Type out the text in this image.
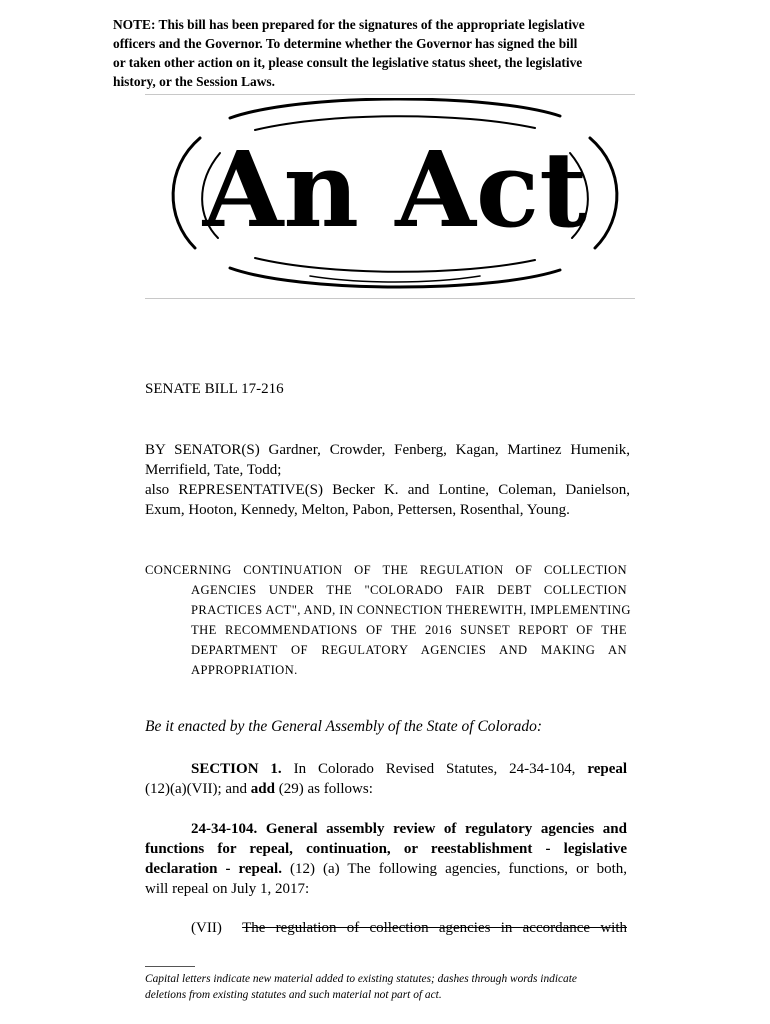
NOTE: This bill has been prepared for the signatures of the appropriate legislative
officers and the Governor. To determine whether the Governor has signed the bill
or taken other action on it, please consult the legislative status sheet, the legislative
history, or the Session Laws.
An Act
SENATE BILL 17-216
BY SENATOR(S) Gardner, Crowder, Fenberg, Kagan, Martinez Humenik,
Merrifield, Tate, Todd;
also REPRESENTATIVE(S) Becker K. and Lontine, Coleman, Danielson,
Exum, Hooton, Kennedy, Melton, Pabon, Pettersen, Rosenthal, Young.
CONCERNING CONTINUATION OF THE REGULATION OF COLLECTION
AGENCIES UNDER THE "COLORADO FAIR DEBT COLLECTION
PRACTICES ACT", AND, IN CONNECTION THEREWITH, IMPLEMENTING
THE RECOMMENDATIONS OF THE 2016 SUNSET REPORT OF THE
DEPARTMENT OF REGULATORY AGENCIES AND MAKING AN
APPROPRIATION.
Be it enacted by the General Assembly of the State of Colorado:
SECTION 1. In Colorado Revised Statutes, 24-34-104, repeal
(12)(a)(VII); and add (29) as follows:
24-34-104. General assembly review of regulatory agencies and
functions for repeal, continuation, or reestablishment - legislative
declaration - repeal. (12) (a) The following agencies, functions, or both,
will repeal on July 1, 2017:
(VII) The regulation of collection agencies in accordance with
Capital letters indicate new material added to existing statutes; dashes through words indicate
deletions from existing statutes and such material not part of act.
